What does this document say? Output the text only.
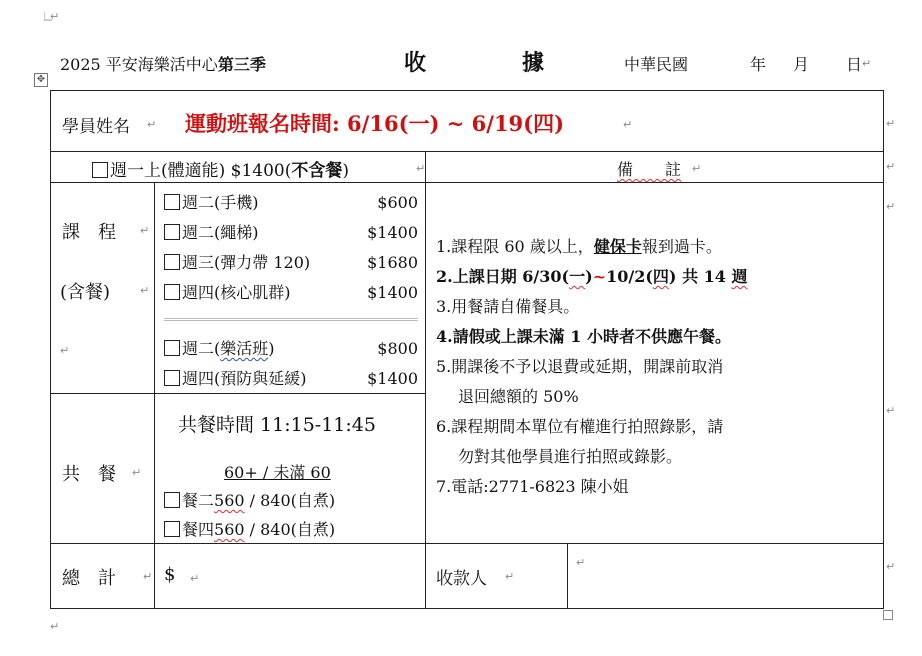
↵
2025 平安海樂活中心第三季	收	據	中華民國	年 月 日 ↵
✥
↵
↵
↵
↵
↵
學員姓名 ↵ 運動班報名時間: 6/16(一) ~ 6/19(四)	↵
週一上(體適能) $1400(不含餐)	↵	備　　註 ↵
課　程 ↵
(含餐)	↵
↵
週二(手機)	$600
週二(繩梯)	$1400
週三(彈力帶 120)	$1680
週四(核心肌群)	$1400
週二(樂活班)	$800
週四(預防與延緩)	$1400
1.課程限 60 歲以上，健保卡報到過卡。
2.上課日期 6/30(一)~10/2(四) 共 14 週
3.用餐請自備餐具。
4.請假或上課未滿 1 小時者不供應午餐。
5.開課後不予以退費或延期，開課前取消
退回總額的 50%
6.課程期間本單位有權進行拍照錄影，請
勿對其他學員進行拍照或錄影。
7.電話:2771-6823 陳小姐
共　餐 ↵
共餐時間 11:15-11:45
60+ / 未滿 60
餐二560 / 840(自煮)
餐四560 / 840(自煮)
總　計 ↵ $ ↵	收款人 ↵
↵
↵
